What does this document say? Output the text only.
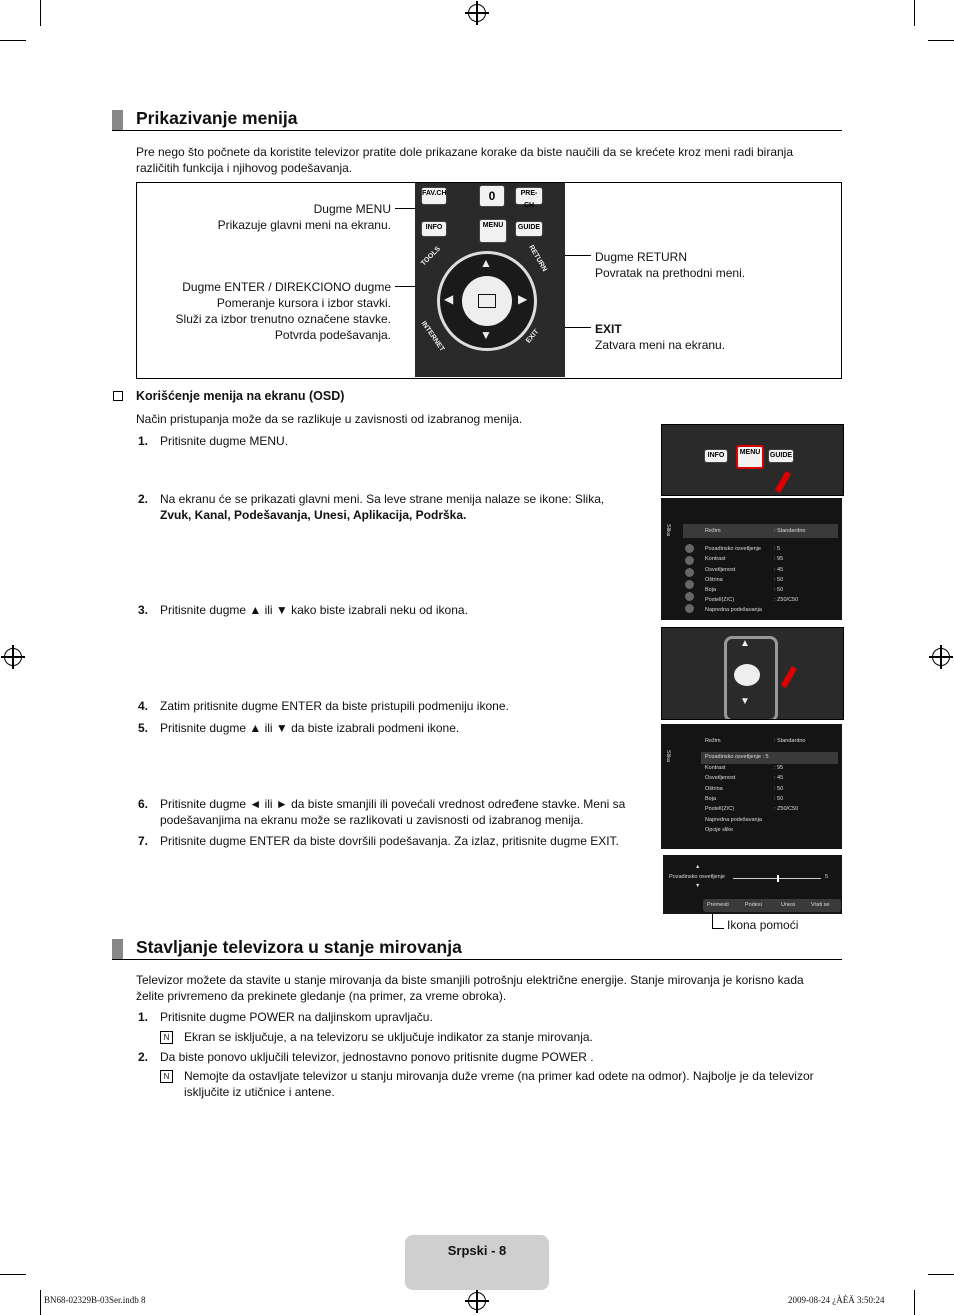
Prikazivanje menija
Pre nego što počnete da koristite televizor pratite dole prikazane korake da biste naučili da se krećete kroz meni radi biranja različitih funkcija i njihovog podešavanja.
Dugme MENU
Prikazuje glavni meni na ekranu.
Dugme ENTER / DIREKCIONO dugme
Pomeranje kursora i izbor stavki.
Služi za izbor trenutno označene stavke.
Potvrda podešavanja.
Dugme RETURN
Povratak na prethodni meni.
EXIT
Zatvara meni na ekranu.
FAV.CH	0	PRE-CH
INFO	MENU	GUIDE
▲
▼
◀	▶
TOOLS	RETURN
INTERNET	EXIT
Korišćenje menija na ekranu (OSD)
Način pristupanja može da se razlikuje u zavisnosti od izabranog menija.
1. Pritisnite dugme MENU.
2. Na ekranu će se prikazati glavni meni. Sa leve strane menija nalaze se ikone: Slika,
Zvuk, Kanal, Podešavanja, Unesi, Aplikacija, Podrška.
3. Pritisnite dugme ▲ ili ▼ kako biste izabrali neku od ikona.
4. Zatim pritisnite dugme ENTER da biste pristupili podmeniju ikone.
5. Pritisnite dugme ▲ ili ▼ da biste izabrali podmeni ikone.
6. Pritisnite dugme ◄ ili ► da biste smanjili ili povećali vrednost određene stavke. Meni sa
podešavanjima na ekranu može se razlikovati u zavisnosti od izabranog menija.
7. Pritisnite dugme ENTER da biste dovršili podešavanja. Za izlaz, pritisnite dugme EXIT.
INFO	MENU	GUIDE
Slika	Režim	: Standardno
Pozadinsko osvetljenje : 5
Kontrast	: 95
Osvetljenost	: 45
Oštrina	: 50
Boja	: 50
Postell(Z/C)	: Z50/C50
Napredna podešavanja
▲
▼
Slika
Režim	: Standardno
Pozadinsko osvetljenje : 5
Kontrast	: 95
Osvetljenost	: 45
Oštrina	: 50
Boja	: 50
Postell(Z/C)	: Z50/C50
Napredna podešavanja
Opcije slike
Pozadinsko osvetljenje	5
▲
▼
Premesti	Podesi	Unesi	Vrati se
Ikona pomoći
Stavljanje televizora u stanje mirovanja
Televizor možete da stavite u stanje mirovanja da biste smanjili potrošnju električne energije. Stanje mirovanja je korisno kada želite privremeno da prekinete gledanje (na primer, za vreme obroka).
1. Pritisnite dugme POWER na daljinskom upravljaču.
N	Ekran se isključuje, a na televizoru se uključuje indikator za stanje mirovanja.
2. Da biste ponovo uključili televizor, jednostavno ponovo pritisnite dugme POWER .
N	Nemojte da ostavljate televizor u stanju mirovanja duže vreme (na primer kad odete na odmor). Najbolje je da televizor
isključite iz utičnice i antene.
Srpski - 8
BN68-02329B-03Ser.indb 8	2009-08-24 ¿ÀÈÄ 3:50:24
